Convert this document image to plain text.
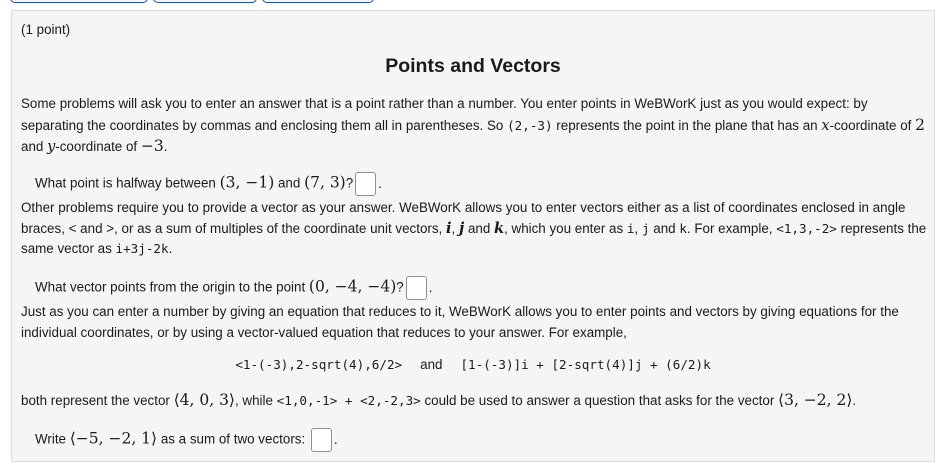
(1 point)
Points and Vectors
Some problems will ask you to enter an answer that is a point rather than a number. You enter points in WeBWorK just as you would expect: by separating the coordinates by commas and enclosing them all in parentheses. So (2,-3) represents the point in the plane that has an x-coordinate of 2 and y-coordinate of −3.
What point is halfway between (3, −1) and (7, 3)? .
Other problems require you to provide a vector as your answer. WeBWorK allows you to enter vectors either as a list of coordinates enclosed in angle braces, < and >, or as a sum of multiples of the coordinate unit vectors, i, j and k, which you enter as i, j and k. For example, <1,3,-2> represents the same vector as i+3j-2k.
What vector points from the origin to the point (0, −4, −4)? .
Just as you can enter a number by giving an equation that reduces to it, WeBWorK allows you to enter points and vectors by giving equations for the individual coordinates, or by using a vector-valued equation that reduces to your answer. For example,
<1-(-3),2-sqrt(4),6/2> and [1-(-3)]i + [2-sqrt(4)]j + (6/2)k
both represent the vector ⟨4, 0, 3⟩, while <1,0,-1> + <2,-2,3> could be used to answer a question that asks for the vector ⟨3, −2, 2⟩.
Write ⟨−5, −2, 1⟩ as a sum of two vectors: .
